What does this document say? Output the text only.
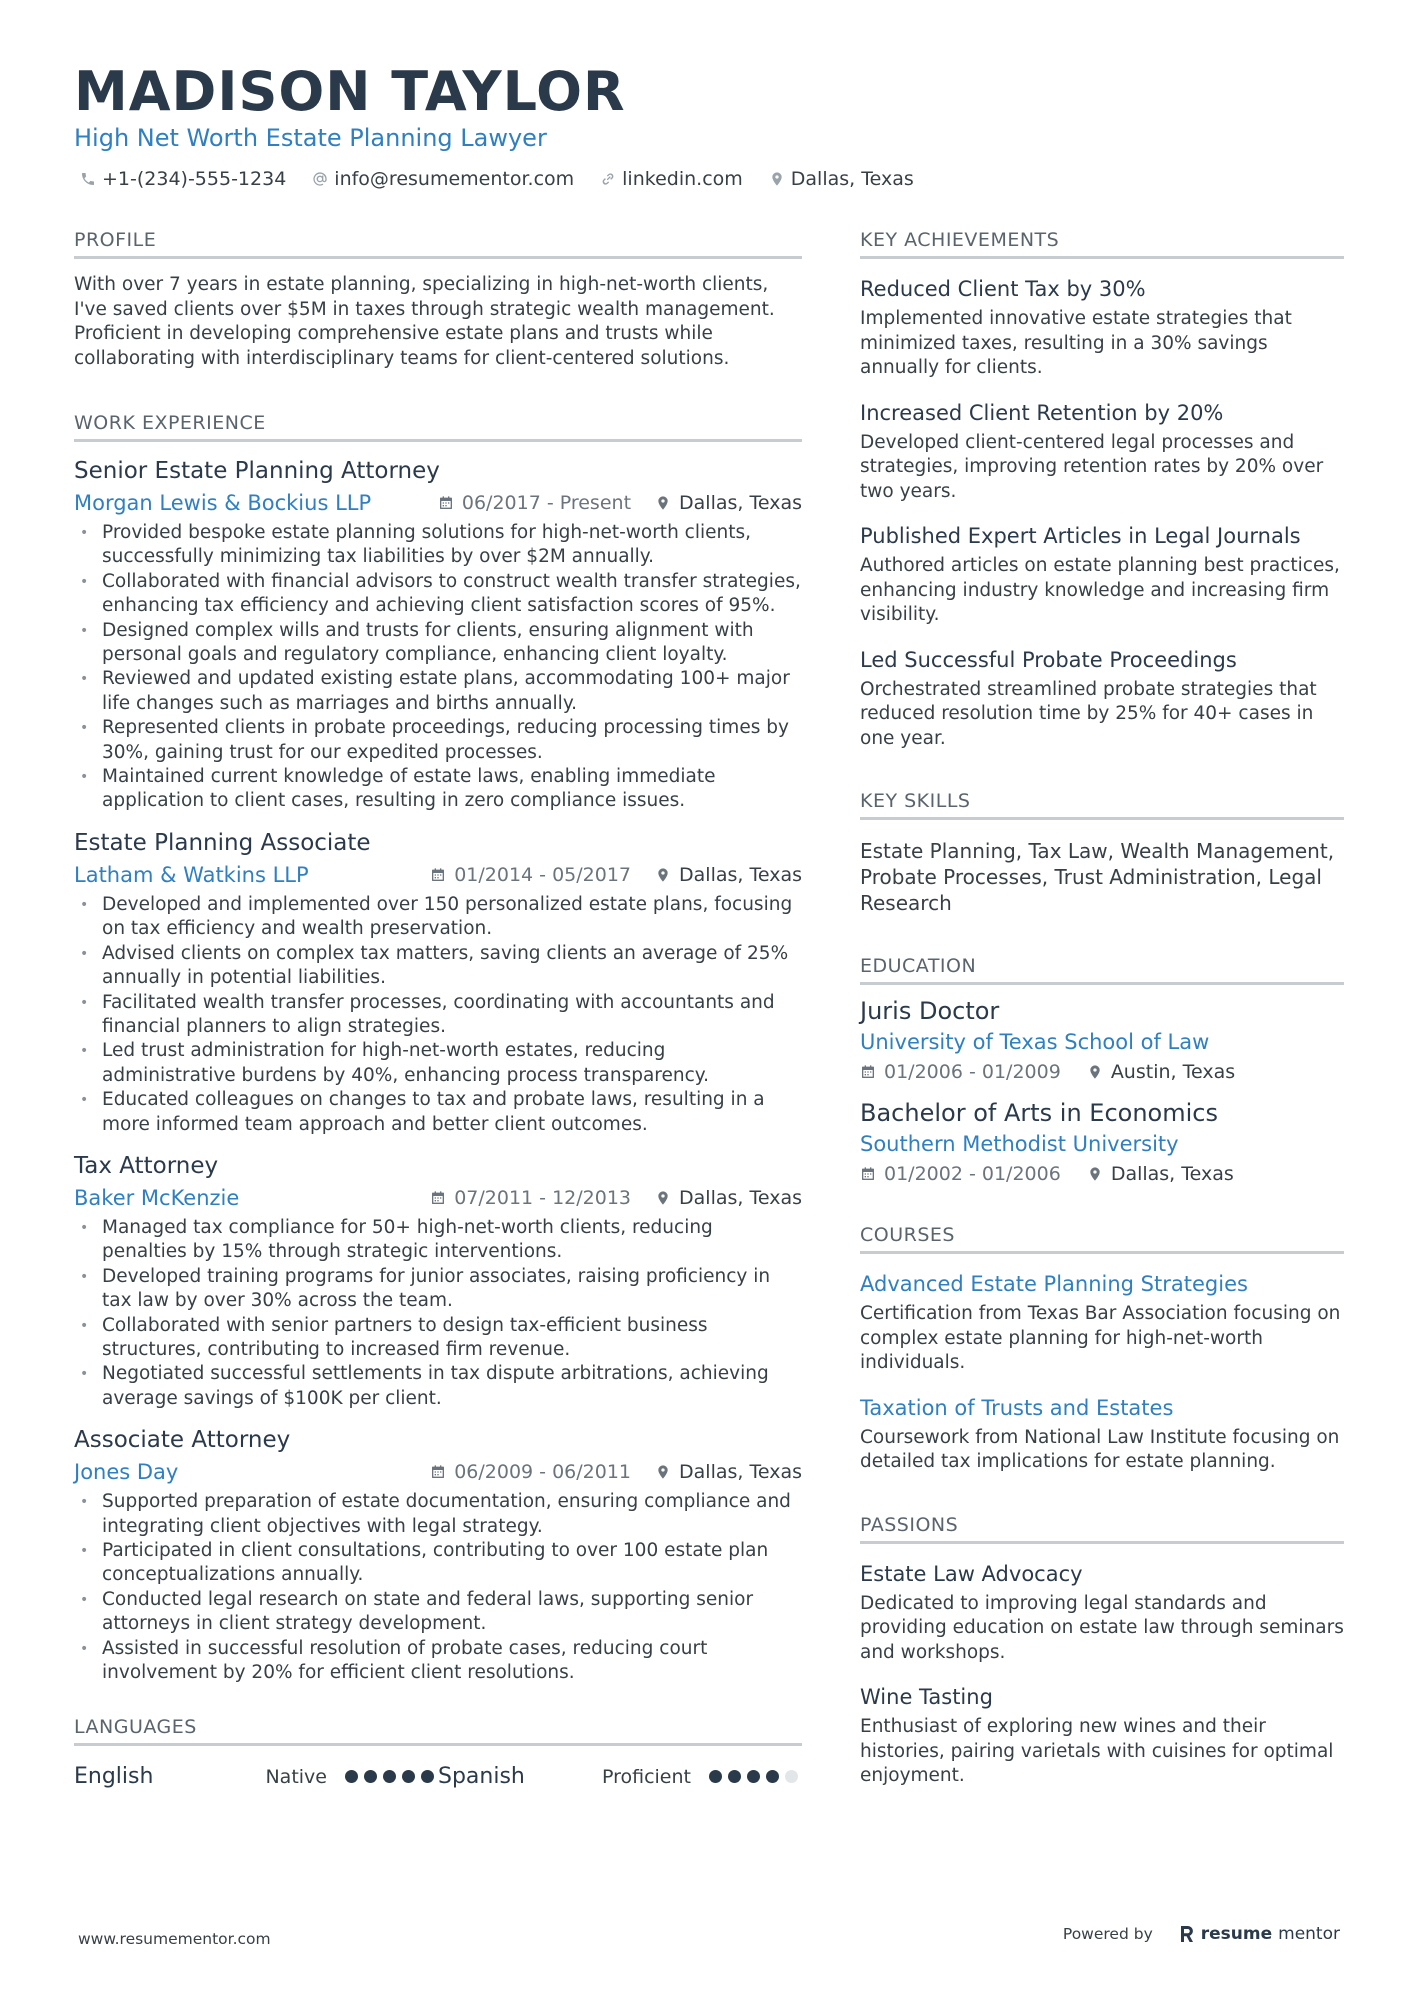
MADISON TAYLOR
High Net Worth Estate Planning Lawyer
+1-(234)-555-1234	info@resumementor.com	linkedin.com	Dallas, Texas
PROFILE
With over 7 years in estate planning, specializing in high-net-worth clients, I've saved clients over $5M in taxes through strategic wealth management. Proficient in developing comprehensive estate plans and trusts while collaborating with interdisciplinary teams for client-centered solutions.
WORK EXPERIENCE
Senior Estate Planning Attorney
Morgan Lewis & Bockius LLP	06/2017 - Present	Dallas, Texas
• Provided bespoke estate planning solutions for high-net-worth clients, successfully minimizing tax liabilities by over $2M annually.
• Collaborated with financial advisors to construct wealth transfer strategies, enhancing tax efficiency and achieving client satisfaction scores of 95%.
• Designed complex wills and trusts for clients, ensuring alignment with personal goals and regulatory compliance, enhancing client loyalty.
• Reviewed and updated existing estate plans, accommodating 100+ major life changes such as marriages and births annually.
• Represented clients in probate proceedings, reducing processing times by 30%, gaining trust for our expedited processes.
• Maintained current knowledge of estate laws, enabling immediate application to client cases, resulting in zero compliance issues.
Estate Planning Associate
Latham & Watkins LLP	01/2014 - 05/2017	Dallas, Texas
• Developed and implemented over 150 personalized estate plans, focusing on tax efficiency and wealth preservation.
• Advised clients on complex tax matters, saving clients an average of 25% annually in potential liabilities.
• Facilitated wealth transfer processes, coordinating with accountants and financial planners to align strategies.
• Led trust administration for high-net-worth estates, reducing administrative burdens by 40%, enhancing process transparency.
• Educated colleagues on changes to tax and probate laws, resulting in a more informed team approach and better client outcomes.
Tax Attorney
Baker McKenzie	07/2011 - 12/2013	Dallas, Texas
• Managed tax compliance for 50+ high-net-worth clients, reducing penalties by 15% through strategic interventions.
• Developed training programs for junior associates, raising proficiency in tax law by over 30% across the team.
• Collaborated with senior partners to design tax-efficient business structures, contributing to increased firm revenue.
• Negotiated successful settlements in tax dispute arbitrations, achieving average savings of $100K per client.
Associate Attorney
Jones Day	06/2009 - 06/2011	Dallas, Texas
• Supported preparation of estate documentation, ensuring compliance and integrating client objectives with legal strategy.
• Participated in client consultations, contributing to over 100 estate plan conceptualizations annually.
• Conducted legal research on state and federal laws, supporting senior attorneys in client strategy development.
• Assisted in successful resolution of probate cases, reducing court involvement by 20% for efficient client resolutions.
LANGUAGES
English	Native	Spanish	Proficient
KEY ACHIEVEMENTS
Reduced Client Tax by 30%
Implemented innovative estate strategies that minimized taxes, resulting in a 30% savings annually for clients.
Increased Client Retention by 20%
Developed client-centered legal processes and strategies, improving retention rates by 20% over two years.
Published Expert Articles in Legal Journals
Authored articles on estate planning best practices, enhancing industry knowledge and increasing firm visibility.
Led Successful Probate Proceedings
Orchestrated streamlined probate strategies that reduced resolution time by 25% for 40+ cases in one year.
KEY SKILLS
Estate Planning, Tax Law, Wealth Management, Probate Processes, Trust Administration, Legal Research
EDUCATION
Juris Doctor
University of Texas School of Law
01/2006 - 01/2009	Austin, Texas
Bachelor of Arts in Economics
Southern Methodist University
01/2002 - 01/2006	Dallas, Texas
COURSES
Advanced Estate Planning Strategies
Certification from Texas Bar Association focusing on complex estate planning for high-net-worth individuals.
Taxation of Trusts and Estates
Coursework from National Law Institute focusing on detailed tax implications for estate planning.
PASSIONS
Estate Law Advocacy
Dedicated to improving legal standards and providing education on estate law through seminars and workshops.
Wine Tasting
Enthusiast of exploring new wines and their histories, pairing varietals with cuisines for optimal enjoyment.
www.resumementor.com	Powered by	resume mentor
